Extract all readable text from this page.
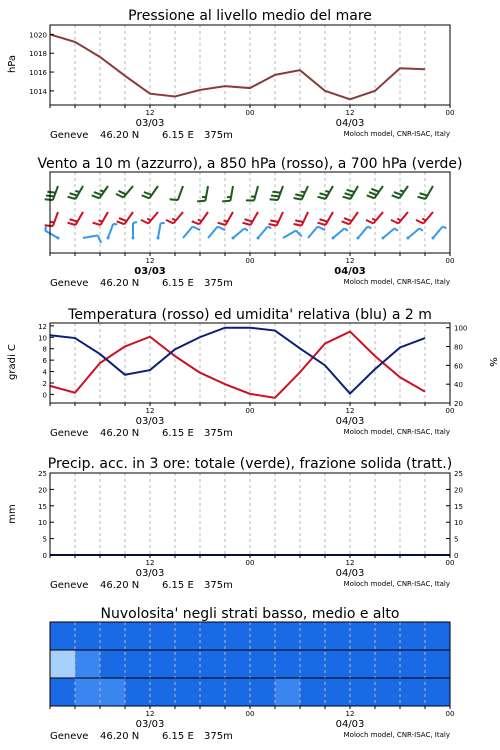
Pressione al livello medio del mare
hPa
1014
1016
1018
1020
12	00	12	00
03/03	04/03
Geneve 46.20 N 6.15 E 375m	Moloch model, CNR-ISAC, Italy
Vento a 10 m (azzurro), a 850 hPa (rosso), a 700 hPa (verde)
12	00	12	00
03/03	04/03
Geneve 46.20 N 6.15 E 375m	Moloch model, CNR-ISAC, Italy
Temperatura (rosso) ed umidita' relativa (blu) a 2 m
gradi C	%
0
2
4
6
8
10
12
20
40
60
80
100
12	00	12	00
03/03	04/03
Geneve 46.20 N 6.15 E 375m	Moloch model, CNR-ISAC, Italy
Precip. acc. in 3 ore: totale (verde), frazione solida (tratt.)
mm
0
5
10
15
20
25
0
5
10
15
20
25
12	00	12	00
03/03	04/03
Geneve 46.20 N 6.15 E 375m	Moloch model, CNR-ISAC, Italy
Nuvolosita' negli strati basso, medio e alto
12	00	12	00
03/03	04/03
Geneve 46.20 N 6.15 E 375m	Moloch model, CNR-ISAC, Italy
